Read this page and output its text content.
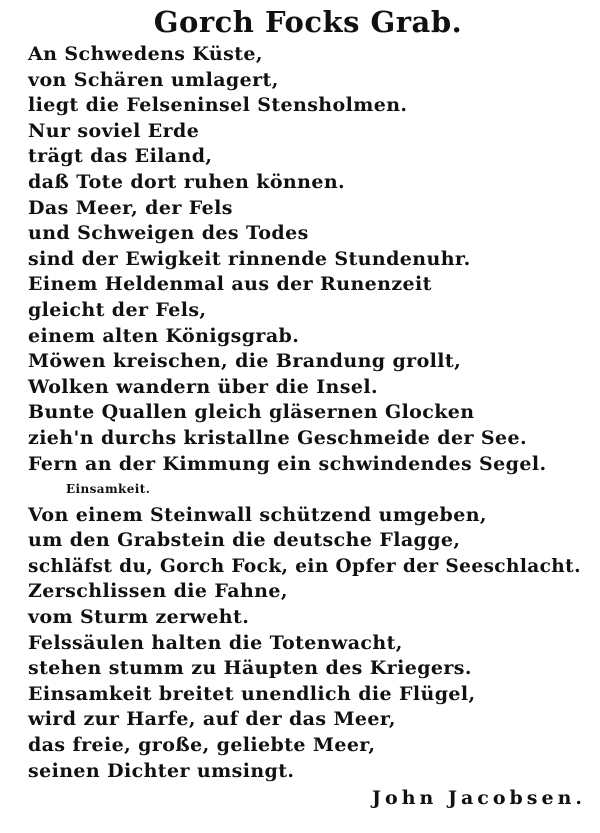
Gorch Focks Grab.
An Schwedens Küste,
von Schären umlagert,
liegt die Felseninsel Stensholmen.
Nur soviel Erde
trägt das Eiland,
daß Tote dort ruhen können.
Das Meer, der Fels
und Schweigen des Todes
sind der Ewigkeit rinnende Stundenuhr.
Einem Heldenmal aus der Runenzeit
gleicht der Fels,
einem alten Königsgrab.
Möwen kreischen, die Brandung grollt,
Wolken wandern über die Insel.
Bunte Quallen gleich gläsernen Glocken
zieh'n durchs kristallne Geschmeide der See.
Fern an der Kimmung ein schwindendes Segel.
Einsamkeit.
Von einem Steinwall schützend umgeben,
um den Grabstein die deutsche Flagge,
schläfst du, Gorch Fock, ein Opfer der Seeschlacht.
Zerschlissen die Fahne,
vom Sturm zerweht.
Felssäulen halten die Totenwacht,
stehen stumm zu Häupten des Kriegers.
Einsamkeit breitet unendlich die Flügel,
wird zur Harfe, auf der das Meer,
das freie, große, geliebte Meer,
seinen Dichter umsingt.
John Jacobsen.
